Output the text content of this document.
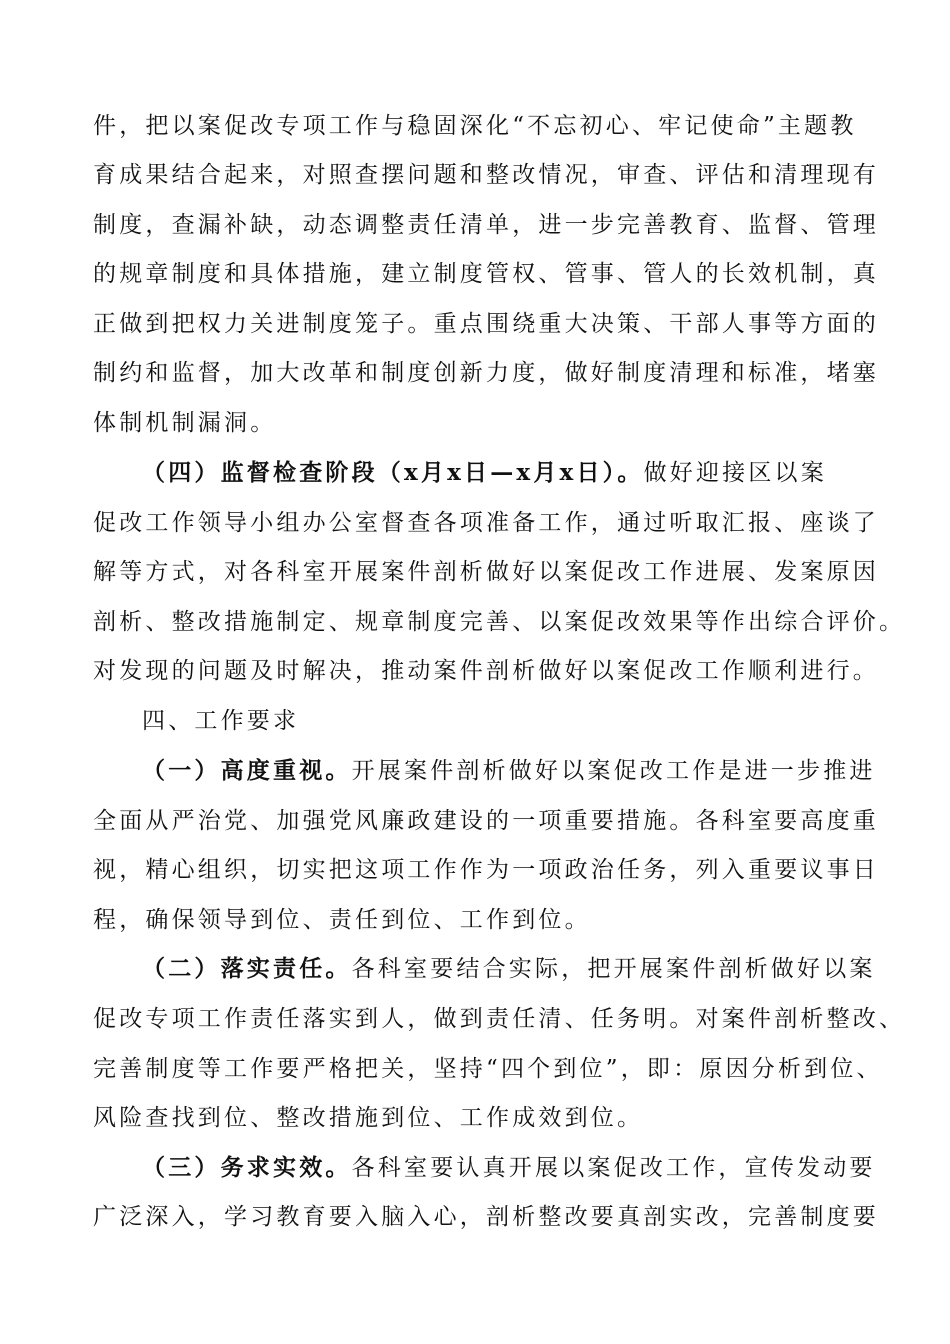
件，把以案促改专项工作与稳固深化“不忘初心、牢记使命”主题教
育成果结合起来，对照查摆问题和整改情况，审查、评估和清理现有
制度，查漏补缺，动态调整责任清单，进一步完善教育、监督、管理
的规章制度和具体措施，建立制度管权、管事、管人的长效机制，真
正做到把权力关进制度笼子。重点围绕重大决策、干部人事等方面的
制约和监督，加大改革和制度创新力度，做好制度清理和标准，堵塞
体制机制漏洞。
（四）监督检查阶段（x月x日—x月x日）。做好迎接区以案
促改工作领导小组办公室督查各项准备工作，通过听取汇报、座谈了
解等方式，对各科室开展案件剖析做好以案促改工作进展、发案原因
剖析、整改措施制定、规章制度完善、以案促改效果等作出综合评价。
对发现的问题及时解决，推动案件剖析做好以案促改工作顺利进行。
四、工作要求
（一）高度重视。开展案件剖析做好以案促改工作是进一步推进
全面从严治党、加强党风廉政建设的一项重要措施。各科室要高度重
视，精心组织，切实把这项工作作为一项政治任务，列入重要议事日
程，确保领导到位、责任到位、工作到位。
（二）落实责任。各科室要结合实际，把开展案件剖析做好以案
促改专项工作责任落实到人，做到责任清、任务明。对案件剖析整改、
完善制度等工作要严格把关，坚持“四个到位”，即：原因分析到位、
风险查找到位、整改措施到位、工作成效到位。
（三）务求实效。各科室要认真开展以案促改工作，宣传发动要
广泛深入，学习教育要入脑入心，剖析整改要真剖实改，完善制度要
